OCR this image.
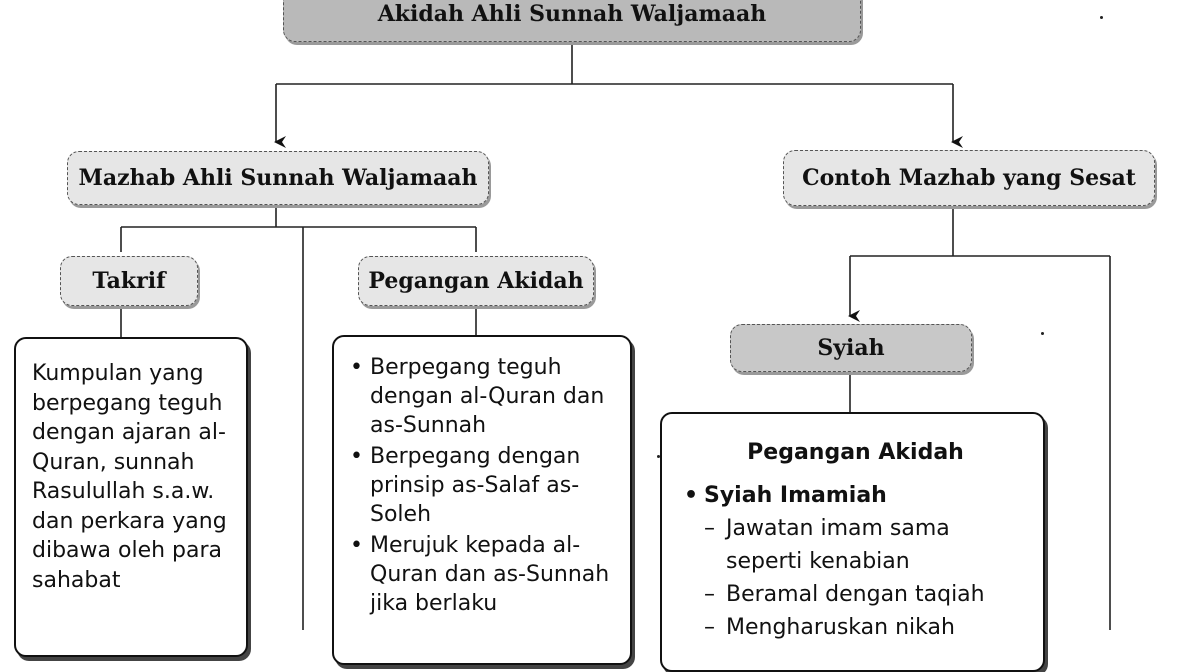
Akidah Ahli Sunnah Waljamaah
Mazhab Ahli Sunnah Waljamaah	Contoh Mazhab yang Sesat
Takrif	Pegangan Akidah
Syiah
Kumpulan yang berpegang teguh dengan ajaran al-Quran, sunnah Rasulullah s.a.w. dan perkara yang dibawa oleh para sahabat
• Berpegang teguh dengan al-Quran dan as-Sunnah
• Berpegang dengan prinsip as-Salaf as-Soleh
• Merujuk kepada al-Quran dan as-Sunnah jika berlaku
Pegangan Akidah
• Syiah Imamiah
– Jawatan imam sama seperti kenabian
– Beramal dengan taqiah
– Mengharuskan nikah
